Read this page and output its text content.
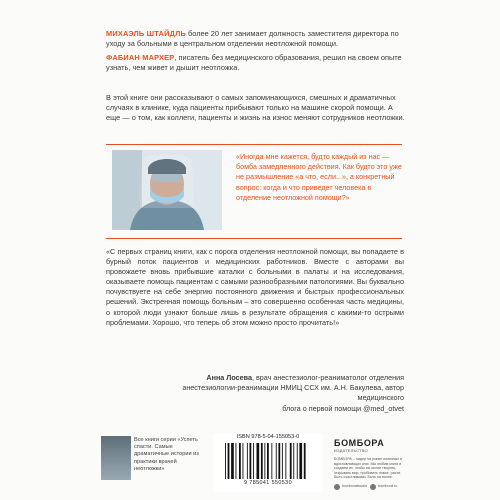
МИХАЭЛЬ ШТАЙДЛЬ более 20 лет занимает должность заместителя директора по уходу за больными в центральном отделении неотложной помощи.
ФАБИАН МАРХЕР, писатель без медицинского образования, решил на своем опыте узнать, чем живет и дышит неотложка.
В этой книге они рассказывают о самых запоминающихся, смешных и драматичных случаях в клинике, куда пациенты прибывают только на машине скорой помощи. А еще — о том, как коллеги, пациенты и жизнь на износ меняют сотрудников неотложки.
«Иногда мне кажется, будто каждый из нас — бомба замедленного действия. Как будто это уже не размышление «а что, если...», а конкретный вопрос: когда и что приведет человека в отделение неотложной помощи?»
«С первых страниц книги, как с порога отделения неотложной помощи, вы попадаете в бурный поток пациентов и медицинских работников. Вместе с авторами вы провожаете вновь прибывшие каталки с больными в палаты и на исследования, оказываете помощь пациентам с самыми разнообразными патологиями. Вы буквально почувствуете на себе энергию постоянного движения и быстрых профессиональных решений. Экстренная помощь больным – это совершенно особенная часть медицины, о которой люди узнают больше лишь в результате обращения с какими-то острыми проблемами. Хорошо, что теперь об этом можно просто прочитать!»
Анна Лосева, врач анестезиолог-реаниматолог отделения
анестезиологии-реанимации НМИЦ ССХ им. А.Н. Бакулева, автор медицинского
блога о первой помощи @med_otvet
Все книги серии «Успеть спасти. Самые драматичные истории из практики врачей неотложки»
ISBN 978-5-04-155053-0
9 785041 550530
БОМБОРА
ИЗДАТЕЛЬСТВО
БОМБОРА – лидер на рынке полезных и вдохновляющих книг. Мы любим книги и создаем их, чтобы вы могли творить, открывать мир, пробовать новое, расти. Быть счастливыми. Быть на волне.
bomborabooks	bombora.ru
